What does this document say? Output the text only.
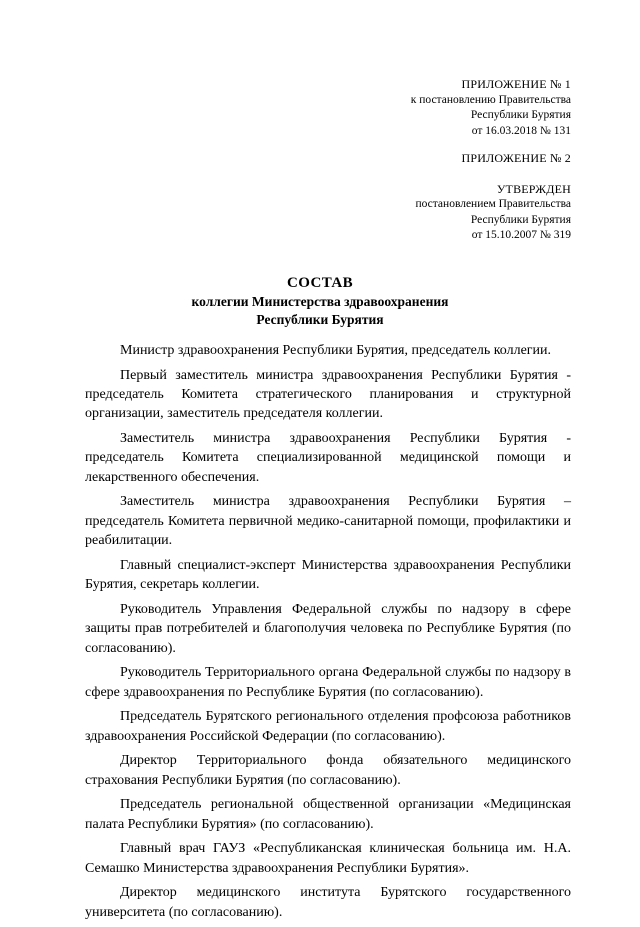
ПРИЛОЖЕНИЕ № 1
к постановлению Правительства
Республики Бурятия
от 16.03.2018 № 131
ПРИЛОЖЕНИЕ № 2
УТВЕРЖДЕН
постановлением Правительства
Республики Бурятия
от 15.10.2007 № 319
СОСТАВ
коллегии Министерства здравоохранения
Республики Бурятия

Министр здравоохранения Республики Бурятия, председатель коллегии.

Первый заместитель министра здравоохранения Республики Бурятия - председатель Комитета стратегического планирования и структурной организации, заместитель председателя коллегии.

Заместитель министра здравоохранения Республики Бурятия - председатель Комитета специализированной медицинской помощи и лекарственного обеспечения.

Заместитель министра здравоохранения Республики Бурятия – председатель Комитета первичной медико-санитарной помощи, профилактики и реабилитации.

Главный специалист-эксперт Министерства здравоохранения Республики Бурятия, секретарь коллегии.

Руководитель Управления Федеральной службы по надзору в сфере защиты прав потребителей и благополучия человека по Республике Бурятия (по согласованию).

Руководитель Территориального органа Федеральной службы по надзору в сфере здравоохранения по Республике Бурятия (по согласованию).

Председатель Бурятского регионального отделения профсоюза работников здравоохранения Российской Федерации (по согласованию).

Директор Территориального фонда обязательного медицинского страхования Республики Бурятия (по согласованию).

Председатель региональной общественной организации «Медицинская палата Республики Бурятия» (по согласованию).

Главный врач ГАУЗ «Республиканская клиническая больница им. Н.А. Семашко Министерства здравоохранения Республики Бурятия».

Директор медицинского института Бурятского государственного университета (по согласованию).
